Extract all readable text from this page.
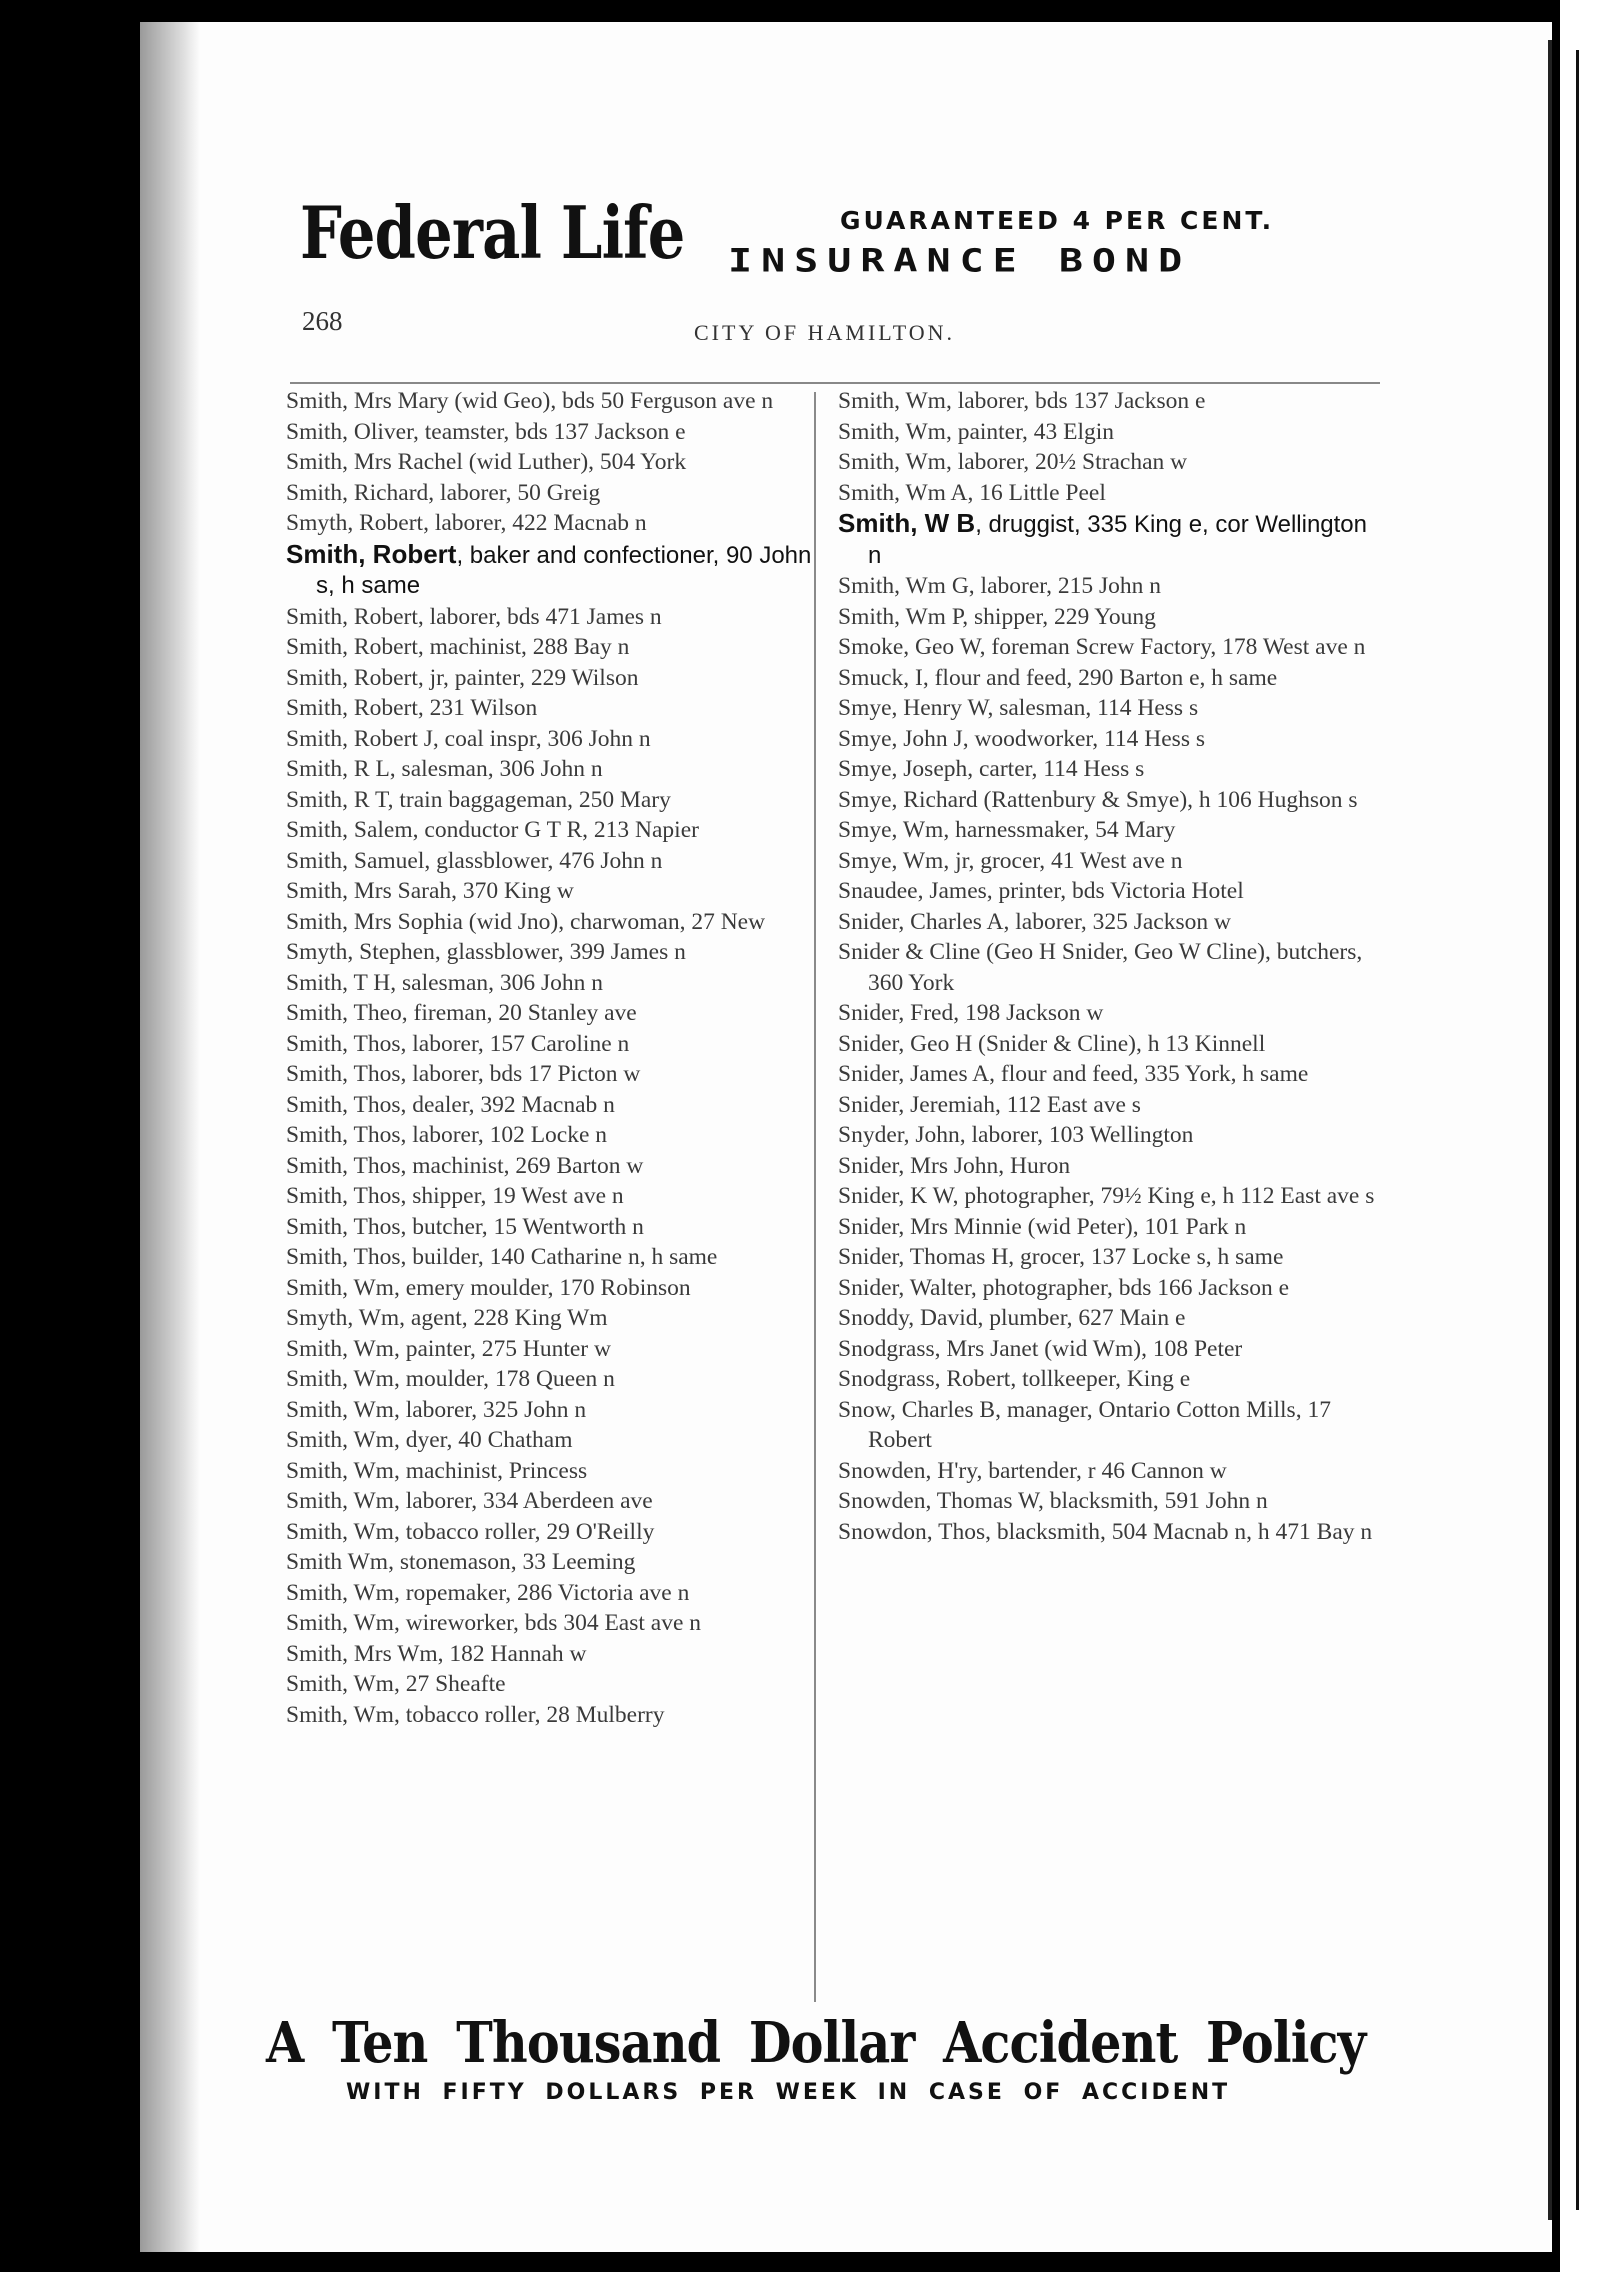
Federal Life	GUARANTEED 4 PER CENT.
INSURANCE BOND
268	CITY OF HAMILTON.
Smith, Mrs Mary (wid Geo), bds 50 Ferguson ave n
Smith, Oliver, teamster, bds 137 Jackson e
Smith, Mrs Rachel (wid Luther), 504 York
Smith, Richard, laborer, 50 Greig
Smyth, Robert, laborer, 422 Macnab n
Smith, Robert, baker and confectioner, 90 John s, h same
Smith, Robert, laborer, bds 471 James n
Smith, Robert, machinist, 288 Bay n
Smith, Robert, jr, painter, 229 Wilson
Smith, Robert, 231 Wilson
Smith, Robert J, coal inspr, 306 John n
Smith, R L, salesman, 306 John n
Smith, R T, train baggageman, 250 Mary
Smith, Salem, conductor G T R, 213 Napier
Smith, Samuel, glassblower, 476 John n
Smith, Mrs Sarah, 370 King w
Smith, Mrs Sophia (wid Jno), charwoman, 27 New
Smyth, Stephen, glassblower, 399 James n
Smith, T H, salesman, 306 John n
Smith, Theo, fireman, 20 Stanley ave
Smith, Thos, laborer, 157 Caroline n
Smith, Thos, laborer, bds 17 Picton w
Smith, Thos, dealer, 392 Macnab n
Smith, Thos, laborer, 102 Locke n
Smith, Thos, machinist, 269 Barton w
Smith, Thos, shipper, 19 West ave n
Smith, Thos, butcher, 15 Wentworth n
Smith, Thos, builder, 140 Catharine n, h same
Smith, Wm, emery moulder, 170 Robinson
Smyth, Wm, agent, 228 King Wm
Smith, Wm, painter, 275 Hunter w
Smith, Wm, moulder, 178 Queen n
Smith, Wm, laborer, 325 John n
Smith, Wm, dyer, 40 Chatham
Smith, Wm, machinist, Princess
Smith, Wm, laborer, 334 Aberdeen ave
Smith, Wm, tobacco roller, 29 O'Reilly
Smith Wm, stonemason, 33 Leeming
Smith, Wm, ropemaker, 286 Victoria ave n
Smith, Wm, wireworker, bds 304 East ave n
Smith, Mrs Wm, 182 Hannah w
Smith, Wm, 27 Sheafte
Smith, Wm, tobacco roller, 28 Mulberry
Smith, Wm, laborer, bds 137 Jackson e
Smith, Wm, painter, 43 Elgin
Smith, Wm, laborer, 20½ Strachan w
Smith, Wm A, 16 Little Peel
Smith, W B, druggist, 335 King e, cor Wellington n
Smith, Wm G, laborer, 215 John n
Smith, Wm P, shipper, 229 Young
Smoke, Geo W, foreman Screw Factory, 178 West ave n
Smuck, I, flour and feed, 290 Barton e, h same
Smye, Henry W, salesman, 114 Hess s
Smye, John J, woodworker, 114 Hess s
Smye, Joseph, carter, 114 Hess s
Smye, Richard (Rattenbury & Smye), h 106 Hughson s
Smye, Wm, harnessmaker, 54 Mary
Smye, Wm, jr, grocer, 41 West ave n
Snaudee, James, printer, bds Victoria Hotel
Snider, Charles A, laborer, 325 Jackson w
Snider & Cline (Geo H Snider, Geo W Cline), butchers, 360 York
Snider, Fred, 198 Jackson w
Snider, Geo H (Snider & Cline), h 13 Kinnell
Snider, James A, flour and feed, 335 York, h same
Snider, Jeremiah, 112 East ave s
Snyder, John, laborer, 103 Wellington
Snider, Mrs John, Huron
Snider, K W, photographer, 79½ King e, h 112 East ave s
Snider, Mrs Minnie (wid Peter), 101 Park n
Snider, Thomas H, grocer, 137 Locke s, h same
Snider, Walter, photographer, bds 166 Jackson e
Snoddy, David, plumber, 627 Main e
Snodgrass, Mrs Janet (wid Wm), 108 Peter
Snodgrass, Robert, tollkeeper, King e
Snow, Charles B, manager, Ontario Cotton Mills, 17 Robert
Snowden, H'ry, bartender, r 46 Cannon w
Snowden, Thomas W, blacksmith, 591 John n
Snowdon, Thos, blacksmith, 504 Macnab n, h 471 Bay n
A Ten Thousand Dollar Accident Policy
WITH FIFTY DOLLARS PER WEEK IN CASE OF ACCIDENT
